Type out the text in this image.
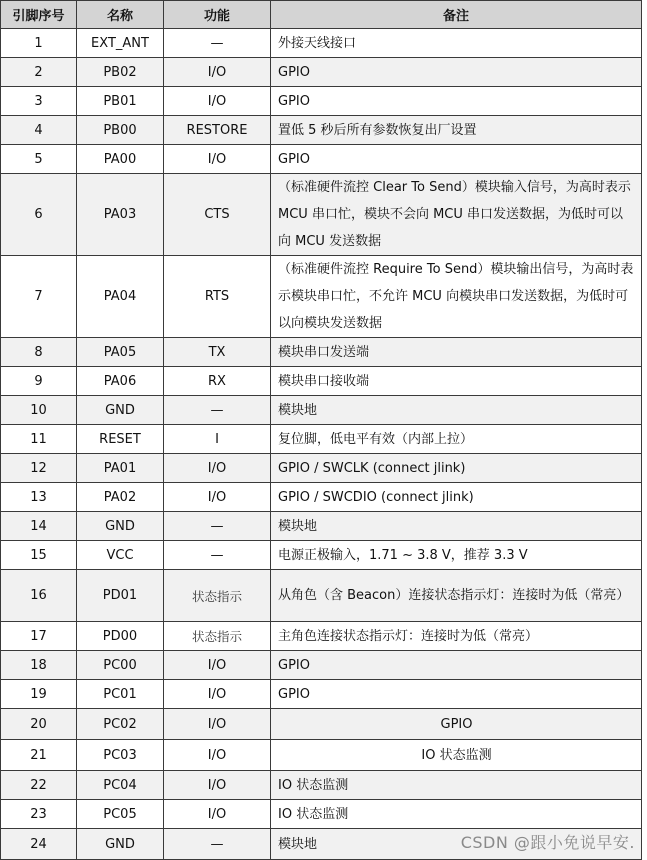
引脚序号	名称	功能	备注
1	EXT_ANT	—	外接天线接口
2	PB02	I/O	GPIO
3	PB01	I/O	GPIO
4	PB00	RESTORE	置低 5 秒后所有参数恢复出厂设置
5	PA00	I/O	GPIO
6	PA03	CTS	（标准硬件流控 Clear To Send）模块输入信号，为高时表示 MCU 串口忙，模块不会向 MCU 串口发送数据，为低时可以向 MCU 发送数据
7	PA04	RTS	（标准硬件流控 Require To Send）模块输出信号，为高时表示模块串口忙，不允许 MCU 向模块串口发送数据，为低时可以向模块发送数据
8	PA05	TX	模块串口发送端
9	PA06	RX	模块串口接收端
10	GND	—	模块地
11	RESET	I	复位脚，低电平有效（内部上拉）
12	PA01	I/O	GPIO / SWCLK (connect jlink)
13	PA02	I/O	GPIO / SWCDIO (connect jlink)
14	GND	—	模块地
15	VCC	—	电源正极输入，1.71 ~ 3.8 V，推荐 3.3 V
16	PD01	状态指示	从角色（含 Beacon）连接状态指示灯：连接时为低（常亮）
17	PD00	状态指示	主角色连接状态指示灯：连接时为低（常亮）
18	PC00	I/O	GPIO
19	PC01	I/O	GPIO
20	PC02	I/O	GPIO
21	PC03	I/O	IO 状态监测
22	PC04	I/O	IO 状态监测
23	PC05	I/O	IO 状态监测
24	GND	—	模块地	CSDN @跟小免说早安.
